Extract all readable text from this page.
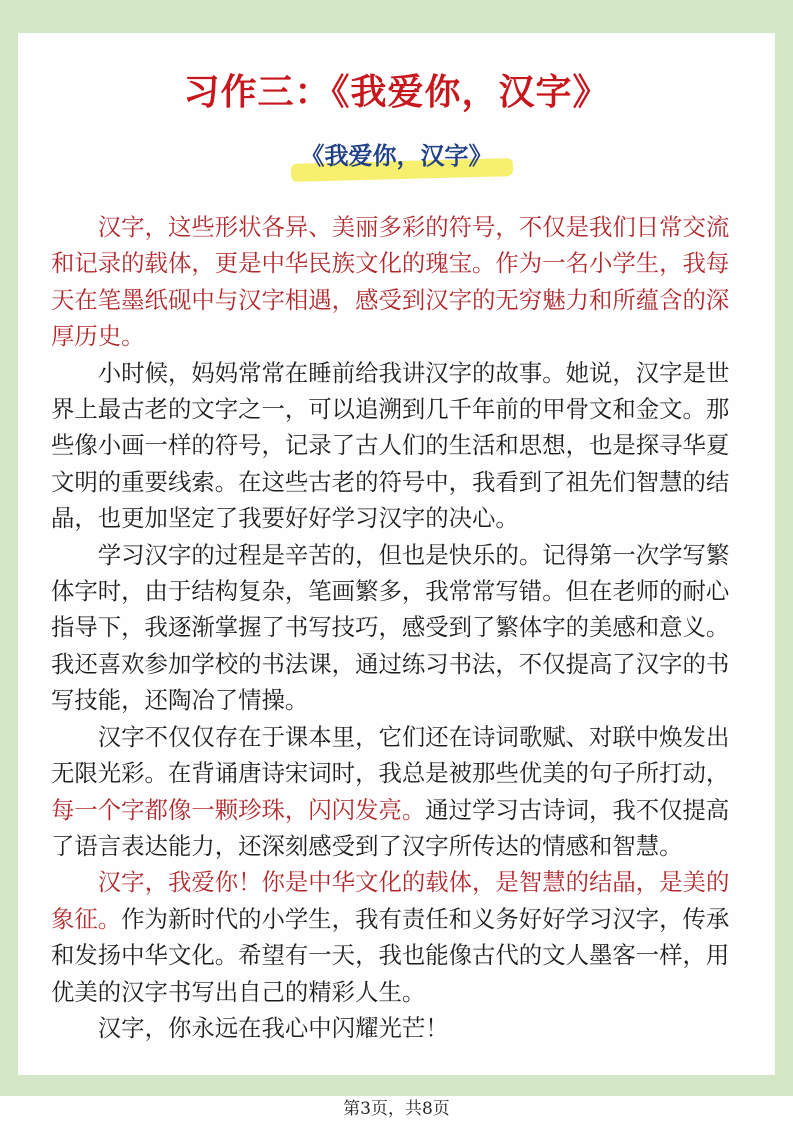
习作三：《我爱你，汉字》
《我爱你，汉字》

汉字，这些形状各异、美丽多彩的符号，不仅是我们日常交流和记录的载体，更是中华民族文化的瑰宝。作为一名小学生，我每天在笔墨纸砚中与汉字相遇，感受到汉字的无穷魅力和所蕴含的深厚历史。

小时候，妈妈常常在睡前给我讲汉字的故事。她说，汉字是世界上最古老的文字之一，可以追溯到几千年前的甲骨文和金文。那些像小画一样的符号，记录了古人们的生活和思想，也是探寻华夏文明的重要线索。在这些古老的符号中，我看到了祖先们智慧的结晶，也更加坚定了我要好好学习汉字的决心。

学习汉字的过程是辛苦的，但也是快乐的。记得第一次学写繁体字时，由于结构复杂，笔画繁多，我常常写错。但在老师的耐心指导下，我逐渐掌握了书写技巧，感受到了繁体字的美感和意义。我还喜欢参加学校的书法课，通过练习书法，不仅提高了汉字的书写技能，还陶冶了情操。

汉字不仅仅存在于课本里，它们还在诗词歌赋、对联中焕发出无限光彩。在背诵唐诗宋词时，我总是被那些优美的句子所打动，每一个字都像一颗珍珠，闪闪发亮。通过学习古诗词，我不仅提高了语言表达能力，还深刻感受到了汉字所传达的情感和智慧。

汉字，我爱你！你是中华文化的载体，是智慧的结晶，是美的象征。作为新时代的小学生，我有责任和义务好好学习汉字，传承和发扬中华文化。希望有一天，我也能像古代的文人墨客一样，用优美的汉字书写出自己的精彩人生。

汉字，你永远在我心中闪耀光芒！

第3页，共8页
